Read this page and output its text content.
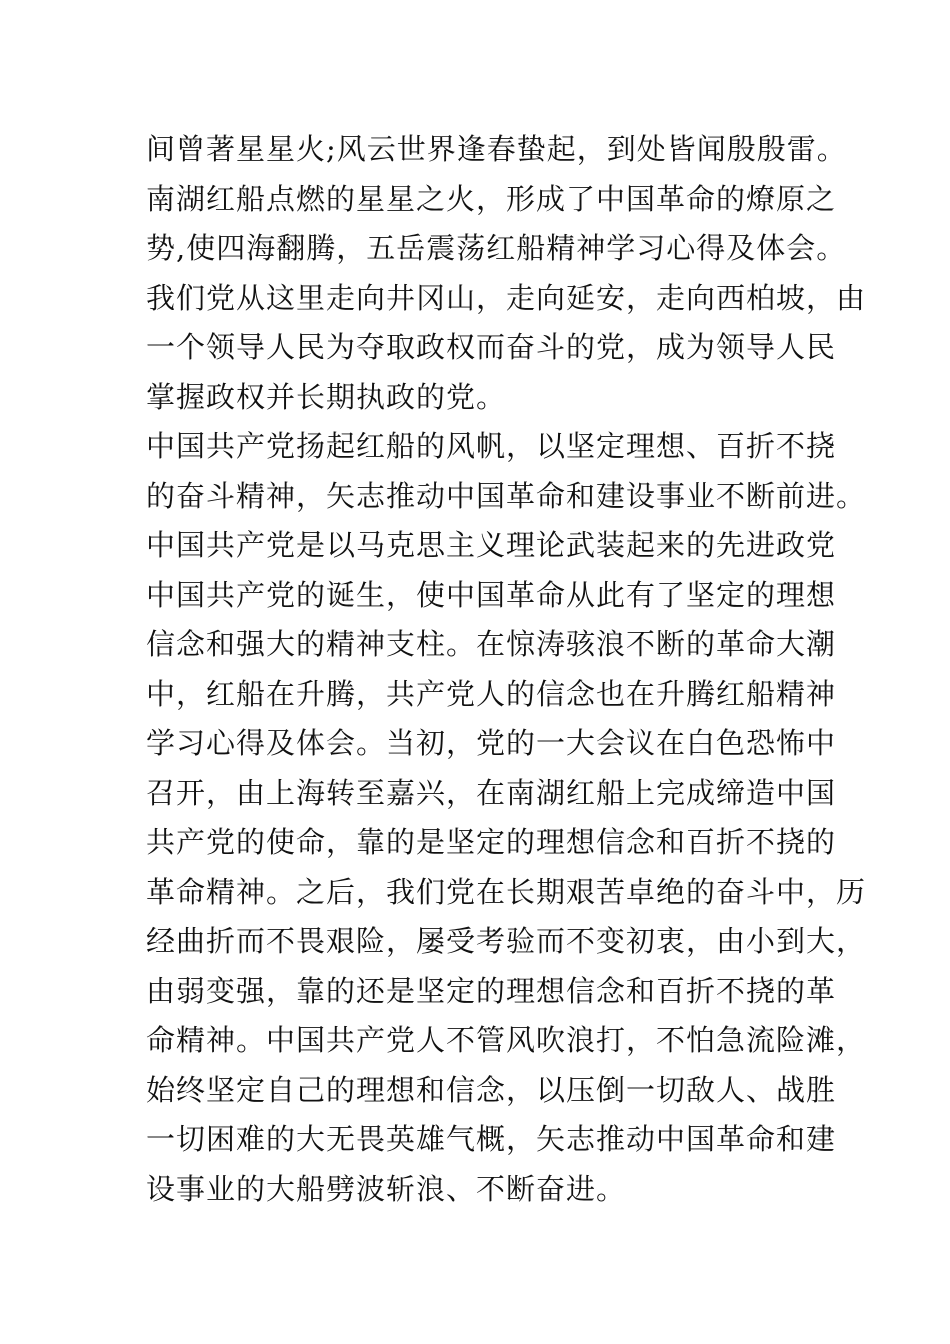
间曾著星星火;风云世界逢春蛰起，到处皆闻殷殷雷。
南湖红船点燃的星星之火，形成了中国革命的燎原之
势,使四海翻腾，五岳震荡红船精神学习心得及体会。
我们党从这里走向井冈山，走向延安，走向西柏坡，由
一个领导人民为夺取政权而奋斗的党，成为领导人民
掌握政权并长期执政的党。
中国共产党扬起红船的风帆，以坚定理想、百折不挠
的奋斗精神，矢志推动中国革命和建设事业不断前进。
中国共产党是以马克思主义理论武装起来的先进政党
中国共产党的诞生，使中国革命从此有了坚定的理想
信念和强大的精神支柱。在惊涛骇浪不断的革命大潮
中，红船在升腾，共产党人的信念也在升腾红船精神
学习心得及体会。当初，党的一大会议在白色恐怖中
召开，由上海转至嘉兴，在南湖红船上完成缔造中国
共产党的使命，靠的是坚定的理想信念和百折不挠的
革命精神。之后，我们党在长期艰苦卓绝的奋斗中，历
经曲折而不畏艰险，屡受考验而不变初衷，由小到大，
由弱变强，靠的还是坚定的理想信念和百折不挠的革
命精神。中国共产党人不管风吹浪打，不怕急流险滩，
始终坚定自己的理想和信念，以压倒一切敌人、战胜
一切困难的大无畏英雄气概，矢志推动中国革命和建
设事业的大船劈波斩浪、不断奋进。
